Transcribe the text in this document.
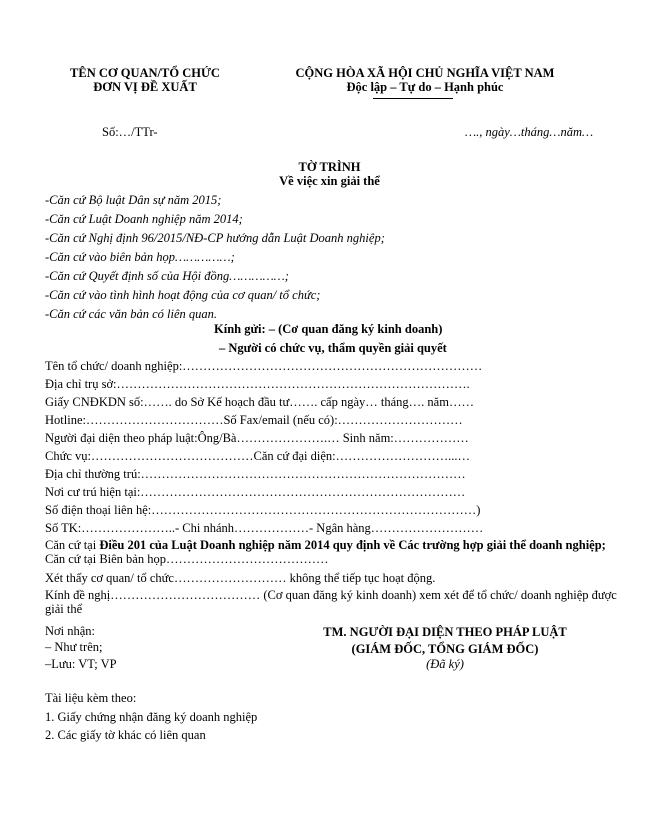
TÊN CƠ QUAN/TỔ CHỨC
ĐƠN VỊ ĐỀ XUẤT
CỘNG HÒA XÃ HỘI CHỦ NGHĨA VIỆT NAM
Độc lập – Tự do – Hạnh phúc
Số:…/TTr-	…., ngày…tháng…năm…
TỜ TRÌNH
Về việc xin giải thể
-Căn cứ Bộ luật Dân sự năm 2015;
-Căn cứ Luật Doanh nghiệp năm 2014;
-Căn cứ Nghị định 96/2015/NĐ-CP hướng dẫn Luật Doanh nghiệp;
-Căn cứ vào biên bản họp……………;
-Căn cứ Quyết định số của Hội đồng……………;
-Căn cứ vào tình hình hoạt động của cơ quan/ tổ chức;
-Căn cứ các văn bản có liên quan.
Kính gửi: – (Cơ quan đăng ký kinh doanh)
– Người có chức vụ, thẩm quyền giải quyết
Tên tổ chức/ doanh nghiệp:………………………………………………………………
Địa chỉ trụ sở:………………………………………………………………………….
Giấy CNĐKDN số:……. do Sở Kế hoạch đầu tư……. cấp ngày… tháng…. năm……
Hotline:……………………………Số Fax/email (nếu có):…………………………
Người đại diện theo pháp luật:Ông/Bà………………….… Sinh năm:………………
Chức vụ:…………………………………Căn cứ đại diện:………………………...…
Địa chỉ thường trú:……………………………………………………………………
Nơi cư trú hiện tại:……………………………………………………………………
Số điện thoại liên hệ:……………………………………………………………………)
Số TK:…………………..- Chi nhánh………………- Ngân hàng………………………
Căn cứ tại Điều 201 của Luật Doanh nghiệp năm 2014 quy định về Các trường hợp giải thể doanh nghiệp; Căn cứ tại Biên bản họp…………………………………
Xét thấy cơ quan/ tổ chức……………………… không thể tiếp tục hoạt động.
Kính đề nghị……………………………… (Cơ quan đăng ký kinh doanh) xem xét để tổ chức/ doanh nghiệp được giải thể
Nơi nhận:
– Như trên;
–Lưu: VT; VP
TM. NGƯỜI ĐẠI DIỆN THEO PHÁP LUẬT
(GIÁM ĐỐC, TỔNG GIÁM ĐỐC)
(Đã ký)
Tài liệu kèm theo:
1. Giấy chứng nhận đăng ký doanh nghiệp
2. Các giấy tờ khác có liên quan
